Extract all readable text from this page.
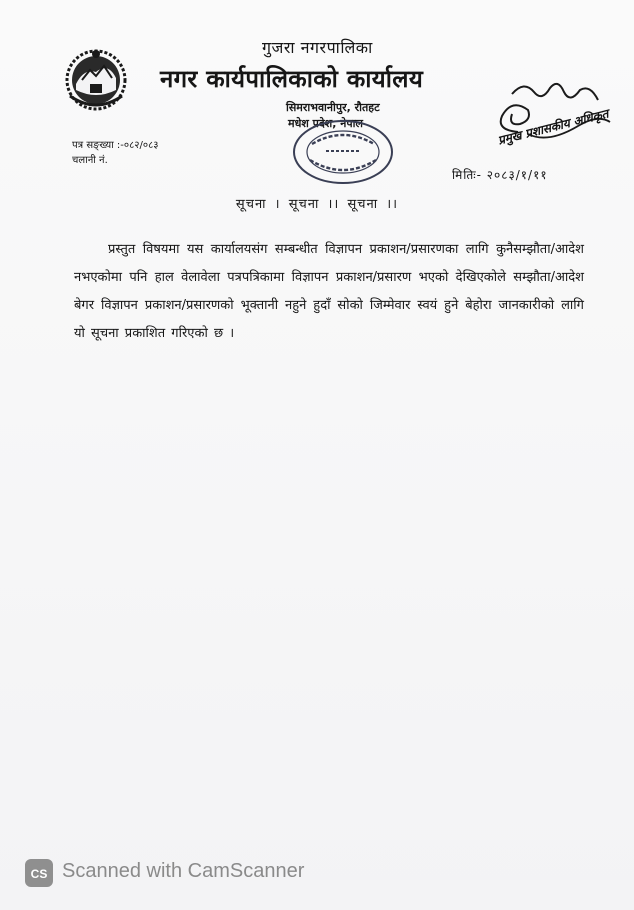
गुजरा नगरपालिका
नगर कार्यपालिकाको कार्यालय
सिमराभवानीपुर, रौतहट
मधेश प्रदेश, नेपाल
पत्र सङ्ख्या :-०८२/०८३
चलानी नं.
प्रमुख प्रशासकीय अधिकृत
मितिः- २०८३/१/११
सूचना । सूचना ।। सूचना ।।
प्रस्तुत विषयमा यस कार्यालयसंग सम्बन्धीत विज्ञापन प्रकाशन/प्रसारणका लागि कुनैसम्झौता/आदेश नभएकोमा पनि हाल वेलावेला पत्रपत्रिकामा विज्ञापन प्रकाशन/प्रसारण भएको देखिएकोले सम्झौता/आदेश बेगर विज्ञापन प्रकाशन/प्रसारणको भूक्तानी नहुने हुदाँ सोको जिम्मेवार स्वयं हुने बेहोरा जानकारीको लागि यो सूचना प्रकाशित गरिएको छ ।
CS Scanned with CamScanner
